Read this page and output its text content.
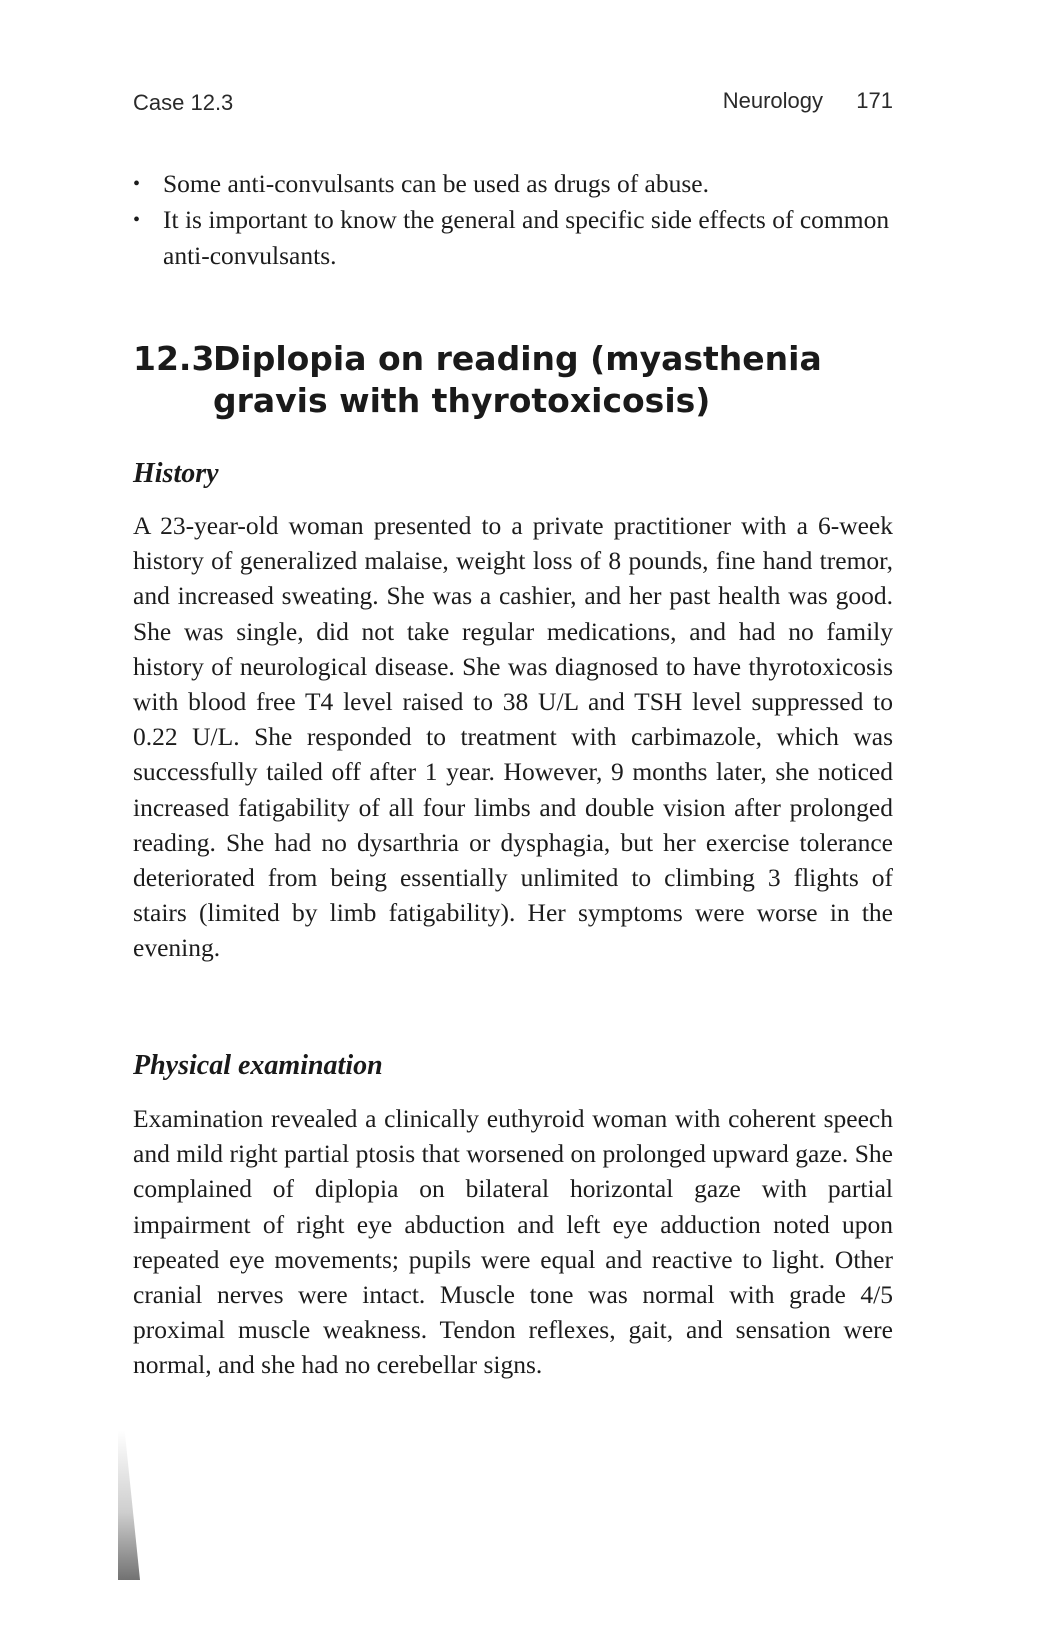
Case 12.3	Neurology 171
• Some anti-convulsants can be used as drugs of abuse.
• It is important to know the general and specific side effects of common anti-convulsants.
12.3
Diplopia on reading (myasthenia gravis with thyrotoxicosis)
History

A 23-year-old woman presented to a private practitioner with a 6-week history of generalized malaise, weight loss of 8 pounds, fine hand tremor, and increased sweating. She was a cashier, and her past health was good. She was single, did not take regular medications, and had no family history of neurological disease. She was diagnosed to have thyrotoxicosis with blood free T4 level raised to 38 U/L and TSH level suppressed to 0.22 U/L. She responded to treatment with carbimazole, which was successfully tailed off after 1 year. However, 9 months later, she noticed increased fatigability of all four limbs and double vision after prolonged reading. She had no dysarthria or dysphagia, but her exercise tolerance deteriorated from being essentially unlimited to climbing 3 flights of stairs (limited by limb fatigability). Her symptoms were worse in the evening.

Physical examination

Examination revealed a clinically euthyroid woman with coherent speech and mild right partial ptosis that worsened on prolonged upward gaze. She complained of diplopia on bilateral horizontal gaze with partial impairment of right eye abduction and left eye adduction noted upon repeated eye movements; pupils were equal and reactive to light. Other cranial nerves were intact. Muscle tone was normal with grade 4/5 proximal muscle weakness. Tendon reflexes, gait, and sensation were normal, and she had no cerebellar signs.
